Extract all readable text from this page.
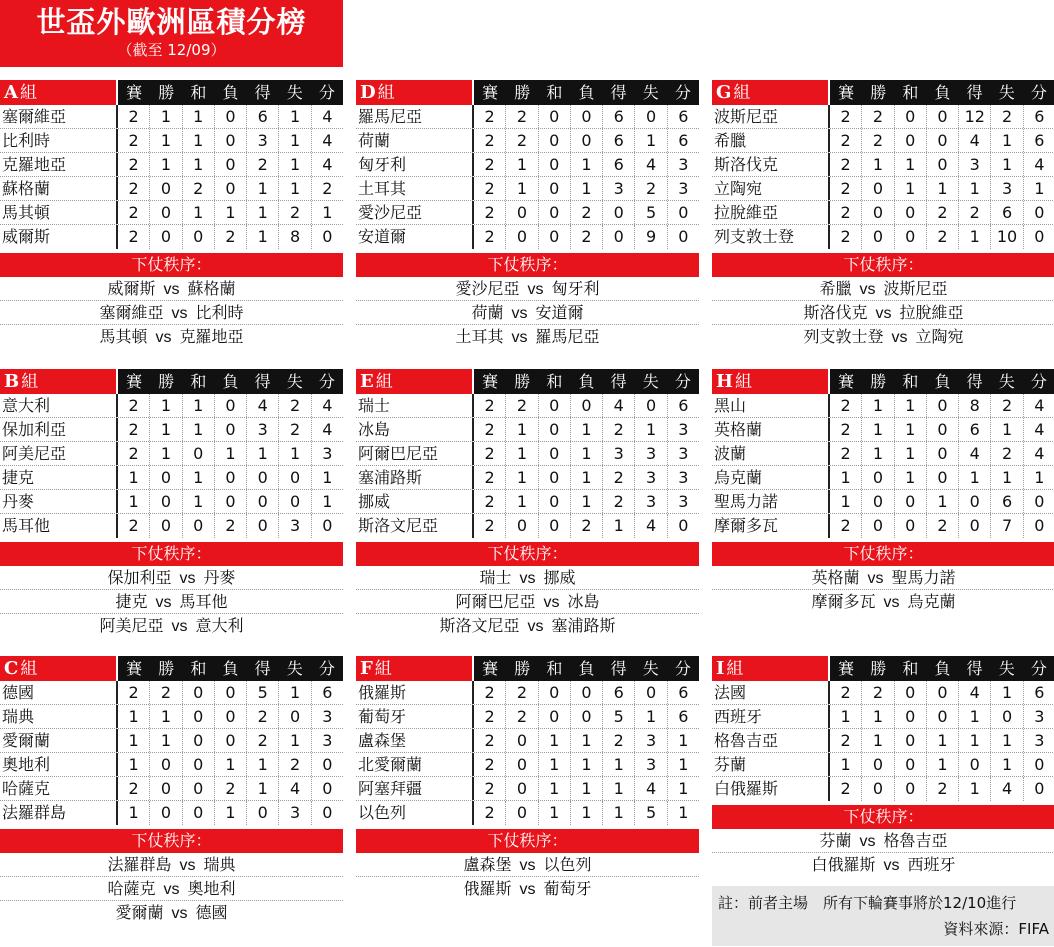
世盃外歐洲區積分榜
（截至 12/09）
A 組	賽	勝	和	負	得	失	分
塞爾維亞	2	1	1	0	6	1	4
比利時	2	1	1	0	3	1	4
克羅地亞	2	1	1	0	2	1	4
蘇格蘭	2	0	2	0	1	1	2
馬其頓	2	0	1	1	1	2	1
威爾斯	2	0	0	2	1	8	0
下仗秩序：
威爾斯 vs 蘇格蘭
塞爾維亞 vs 比利時
馬其頓 vs 克羅地亞
D 組	賽	勝	和	負	得	失	分
羅馬尼亞	2	2	0	0	6	0	6
荷蘭	2	2	0	0	6	1	6
匈牙利	2	1	0	1	6	4	3
土耳其	2	1	0	1	3	2	3
愛沙尼亞	2	0	0	2	0	5	0
安道爾	2	0	0	2	0	9	0
下仗秩序：
愛沙尼亞 vs 匈牙利
荷蘭 vs 安道爾
土耳其 vs 羅馬尼亞
G 組	賽	勝	和	負	得	失	分
波斯尼亞	2	2	0	0	12	2	6
希臘	2	2	0	0	4	1	6
斯洛伐克	2	1	1	0	3	1	4
立陶宛	2	0	1	1	1	3	1
拉脫維亞	2	0	0	2	2	6	0
列支敦士登	2	0	0	2	1	10	0
下仗秩序：
希臘 vs 波斯尼亞
斯洛伐克 vs 拉脫維亞
列支敦士登 vs 立陶宛
B 組	賽	勝	和	負	得	失	分
意大利	2	1	1	0	4	2	4
保加利亞	2	1	1	0	3	2	4
阿美尼亞	2	1	0	1	1	1	3
捷克	1	0	1	0	0	0	1
丹麥	1	0	1	0	0	0	1
馬耳他	2	0	0	2	0	3	0
下仗秩序：
保加利亞 vs 丹麥
捷克 vs 馬耳他
阿美尼亞 vs 意大利
E 組	賽	勝	和	負	得	失	分
瑞士	2	2	0	0	4	0	6
冰島	2	1	0	1	2	1	3
阿爾巴尼亞	2	1	0	1	3	3	3
塞浦路斯	2	1	0	1	2	3	3
挪威	2	1	0	1	2	3	3
斯洛文尼亞	2	0	0	2	1	4	0
下仗秩序：
瑞士 vs 挪威
阿爾巴尼亞 vs 冰島
斯洛文尼亞 vs 塞浦路斯
H 組	賽	勝	和	負	得	失	分
黑山	2	1	1	0	8	2	4
英格蘭	2	1	1	0	6	1	4
波蘭	2	1	1	0	4	2	4
烏克蘭	1	0	1	0	1	1	1
聖馬力諾	1	0	0	1	0	6	0
摩爾多瓦	2	0	0	2	0	7	0
下仗秩序：
英格蘭 vs 聖馬力諾
摩爾多瓦 vs 烏克蘭
C 組	賽	勝	和	負	得	失	分
德國	2	2	0	0	5	1	6
瑞典	1	1	0	0	2	0	3
愛爾蘭	1	1	0	0	2	1	3
奧地利	1	0	0	1	1	2	0
哈薩克	2	0	0	2	1	4	0
法羅群島	1	0	0	1	0	3	0
下仗秩序：
法羅群島 vs 瑞典
哈薩克 vs 奧地利
愛爾蘭 vs 德國
F 組	賽	勝	和	負	得	失	分
俄羅斯	2	2	0	0	6	0	6
葡萄牙	2	2	0	0	5	1	6
盧森堡	2	0	1	1	2	3	1
北愛爾蘭	2	0	1	1	1	3	1
阿塞拜疆	2	0	1	1	1	4	1
以色列	2	0	1	1	1	5	1
下仗秩序：
盧森堡 vs 以色列
俄羅斯 vs 葡萄牙
I 組	賽	勝	和	負	得	失	分
法國	2	2	0	0	4	1	6
西班牙	1	1	0	0	1	0	3
格魯吉亞	2	1	0	1	1	1	3
芬蘭	1	0	0	1	0	1	0
白俄羅斯	2	0	0	2	1	4	0
下仗秩序：
芬蘭 vs 格魯吉亞
白俄羅斯 vs 西班牙
註：前者主場　所有下輪賽事將於12/10進行
資料來源：FIFA
